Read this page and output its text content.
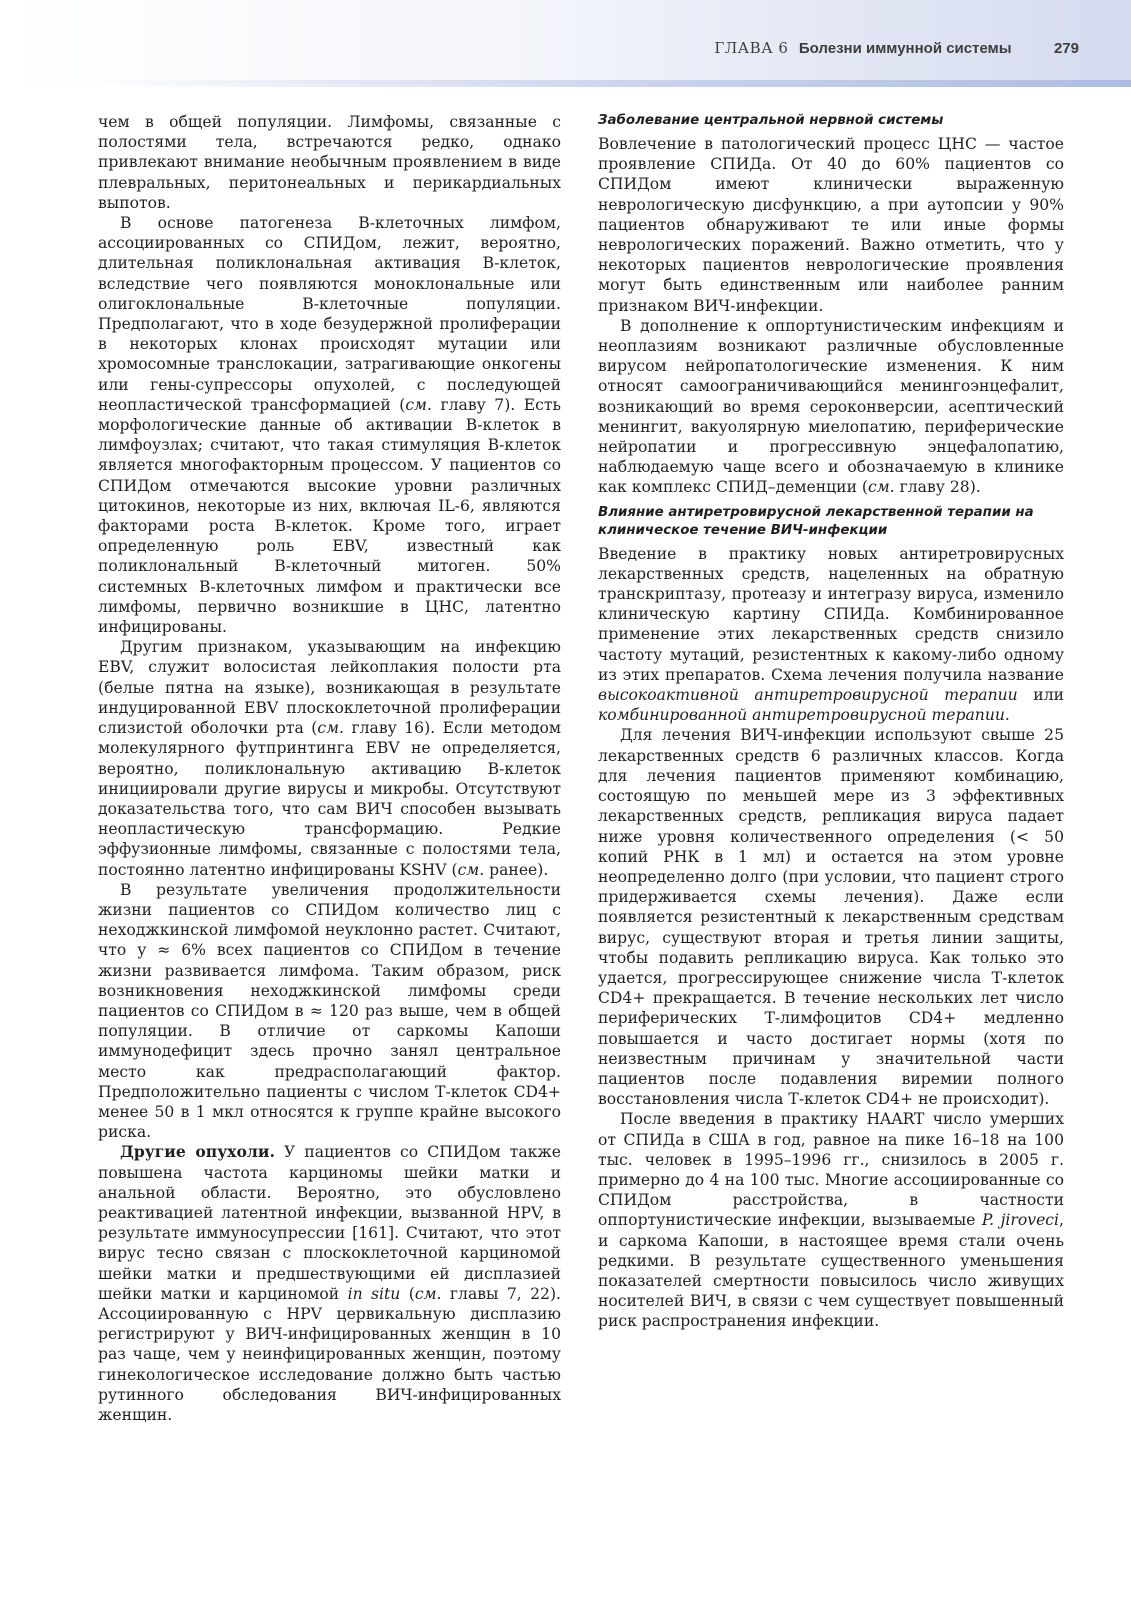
ГЛАВА 6 Болезни иммунной системы	279

чем в общей популяции. Лимфомы, связанные с полостями тела, встречаются редко, однако привлекают внимание необычным проявлением в виде плевральных, перитонеальных и перикардиальных выпотов.

В основе патогенеза В-клеточных лимфом, ассоциированных со СПИДом, лежит, вероятно, длительная поликлональная активация В-клеток, вследствие чего появляются моноклональные или олигоклональные В-клеточные популяции. Предполагают, что в ходе безудержной пролиферации в некоторых клонах происходят мутации или хромосомные транслокации, затрагивающие онкогены или гены-супрессоры опухолей, с последующей неопластической трансформацией (см. главу 7). Есть морфологические данные об активации В-клеток в лимфоузлах; считают, что такая стимуляция В-клеток является многофакторным процессом. У пациентов со СПИДом отмечаются высокие уровни различных цитокинов, некоторые из них, включая IL-6, являются факторами роста В-клеток. Кроме того, играет определенную роль EBV, известный как поликлональный В-клеточный митоген. 50% системных В-клеточных лимфом и практически все лимфомы, первично возникшие в ЦНС, латентно инфицированы.

Другим признаком, указывающим на инфекцию EBV, служит волосистая лейкоплакия полости рта (белые пятна на языке), возникающая в результате индуцированной EBV плоскоклеточной пролиферации слизистой оболочки рта (см. главу 16). Если методом молекулярного футпринтинга EBV не определяется, вероятно, поликлональную активацию В-клеток инициировали другие вирусы и микробы. Отсутствуют доказательства того, что сам ВИЧ способен вызывать неопластическую трансформацию. Редкие эффузионные лимфомы, связанные с полостями тела, постоянно латентно инфицированы KSHV (см. ранее).

В результате увеличения продолжительности жизни пациентов со СПИДом количество лиц с неходжкинской лимфомой неуклонно растет. Считают, что у ≈ 6% всех пациентов со СПИДом в течение жизни развивается лимфома. Таким образом, риск возникновения неходжкинской лимфомы среди пациентов со СПИДом в ≈ 120 раз выше, чем в общей популяции. В отличие от саркомы Капоши иммунодефицит здесь прочно занял центральное место как предрасполагающий фактор. Предположительно пациенты с числом Т-клеток CD4+ менее 50 в 1 мкл относятся к группе крайне высокого риска.

Другие опухоли. У пациентов со СПИДом также повышена частота карциномы шейки матки и анальной области. Вероятно, это обусловлено реактивацией латентной инфекции, вызванной HPV, в результате иммуносупрессии [161]. Считают, что этот вирус тесно связан с плоскоклеточной карциномой шейки матки и предшествующими ей дисплазией шейки матки и карциномой in situ (см. главы 7, 22). Ассоциированную с HPV цервикальную дисплазию регистрируют у ВИЧ-инфицированных женщин в 10 раз чаще, чем у неинфицированных женщин, поэтому гинекологическое исследование должно быть частью рутинного обследования ВИЧ-инфицированных женщин.

Заболевание центральной нервной системы

Вовлечение в патологический процесс ЦНС — частое проявление СПИДа. От 40 до 60% пациентов со СПИДом имеют клинически выраженную неврологическую дисфункцию, а при аутопсии у 90% пациентов обнаруживают те или иные формы неврологических поражений. Важно отметить, что у некоторых пациентов неврологические проявления могут быть единственным или наиболее ранним признаком ВИЧ-инфекции.

В дополнение к оппортунистическим инфекциям и неоплазиям возникают различные обусловленные вирусом нейропатологические изменения. К ним относят самоограничивающийся менингоэнцефалит, возникающий во время сероконверсии, асептический менингит, вакуолярную миелопатию, периферические нейропатии и прогрессивную энцефалопатию, наблюдаемую чаще всего и обозначаемую в клинике как комплекс СПИД–деменции (см. главу 28).

Влияние антиретровирусной лекарственной терапии на клиническое течение ВИЧ-инфекции

Введение в практику новых антиретровирусных лекарственных средств, нацеленных на обратную транскриптазу, протеазу и интегразу вируса, изменило клиническую картину СПИДа. Комбинированное применение этих лекарственных средств снизило частоту мутаций, резистентных к какому-либо одному из этих препаратов. Схема лечения получила название высокоактивной антиретровирусной терапии или комбинированной антиретровирусной терапии.

Для лечения ВИЧ-инфекции используют свыше 25 лекарственных средств 6 различных классов. Когда для лечения пациентов применяют комбинацию, состоящую по меньшей мере из 3 эффективных лекарственных средств, репликация вируса падает ниже уровня количественного определения (< 50 копий РНК в 1 мл) и остается на этом уровне неопределенно долго (при условии, что пациент строго придерживается схемы лечения). Даже если появляется резистентный к лекарственным средствам вирус, существуют вторая и третья линии защиты, чтобы подавить репликацию вируса. Как только это удается, прогрессирующее снижение числа Т-клеток CD4+ прекращается. В течение нескольких лет число периферических Т-лимфоцитов CD4+ медленно повышается и часто достигает нормы (хотя по неизвестным причинам у значительной части пациентов после подавления виремии полного восстановления числа Т-клеток CD4+ не происходит).

После введения в практику HAART число умерших от СПИДа в США в год, равное на пике 16–18 на 100 тыс. человек в 1995–1996 гг., снизилось в 2005 г. примерно до 4 на 100 тыс. Многие ассоциированные со СПИДом расстройства, в частности оппортунистические инфекции, вызываемые P. jirovecі, и саркома Капоши, в настоящее время стали очень редкими. В результате существенного уменьшения показателей смертности повысилось число живущих носителей ВИЧ, в связи с чем существует повышенный риск распространения инфекции.
